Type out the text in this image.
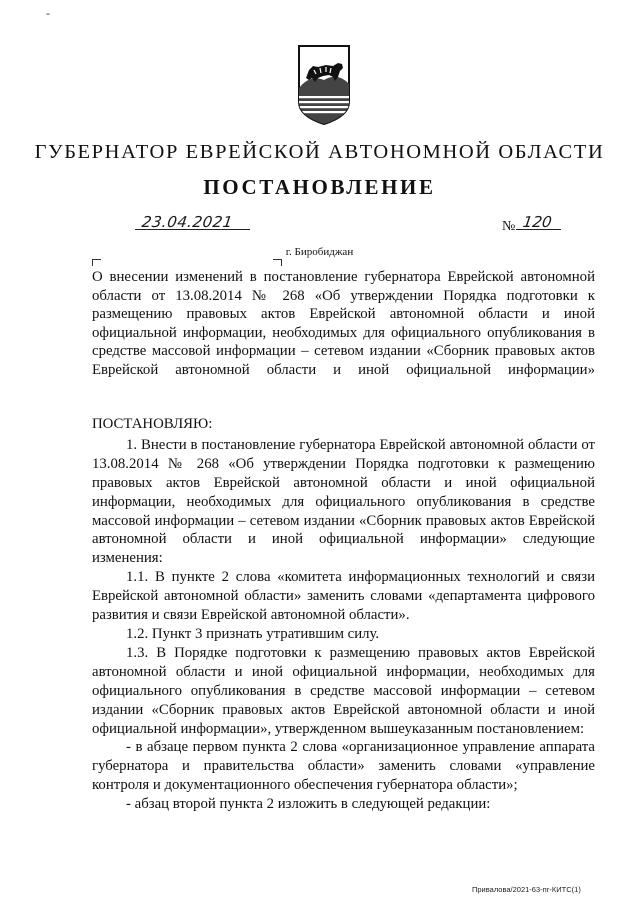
-
ГУБЕРНАТОР ЕВРЕЙСКОЙ АВТОНОМНОЙ ОБЛАСТИ
ПОСТАНОВЛЕНИЕ
23.04.2021	№ 120
г. Биробиджан
О внесении изменений в постановление губернатора Еврейской автономной области от 13.08.2014 № 268 «Об утверждении Порядка подготовки к размещению правовых актов Еврейской автономной области и иной официальной информации, необходимых для официального опубликования в средстве массовой информации – сетевом издании «Сборник правовых актов Еврейской автономной области и иной официальной информации»

ПОСТАНОВЛЯЮ:

1. Внести в постановление губернатора Еврейской автономной области от 13.08.2014 № 268 «Об утверждении Порядка подготовки к размещению правовых актов Еврейской автономной области и иной официальной информации, необходимых для официального опубликования в средстве массовой информации – сетевом издании «Сборник правовых актов Еврейской автономной области и иной официальной информации» следующие изменения:

1.1. В пункте 2 слова «комитета информационных технологий и связи Еврейской автономной области» заменить словами «департамента цифрового развития и связи Еврейской автономной области».

1.2. Пункт 3 признать утратившим силу.

1.3. В Порядке подготовки к размещению правовых актов Еврейской автономной области и иной официальной информации, необходимых для официального опубликования в средстве массовой информации – сетевом издании «Сборник правовых актов Еврейской автономной области и иной официальной информации», утвержденном вышеуказанным постановлением:

- в абзаце первом пункта 2 слова «организационное управление аппарата губернатора и правительства области» заменить словами «управление контроля и документационного обеспечения губернатора области»;

- абзац второй пункта 2 изложить в следующей редакции:

Привалова/2021-63-пг-КИТС(1)
